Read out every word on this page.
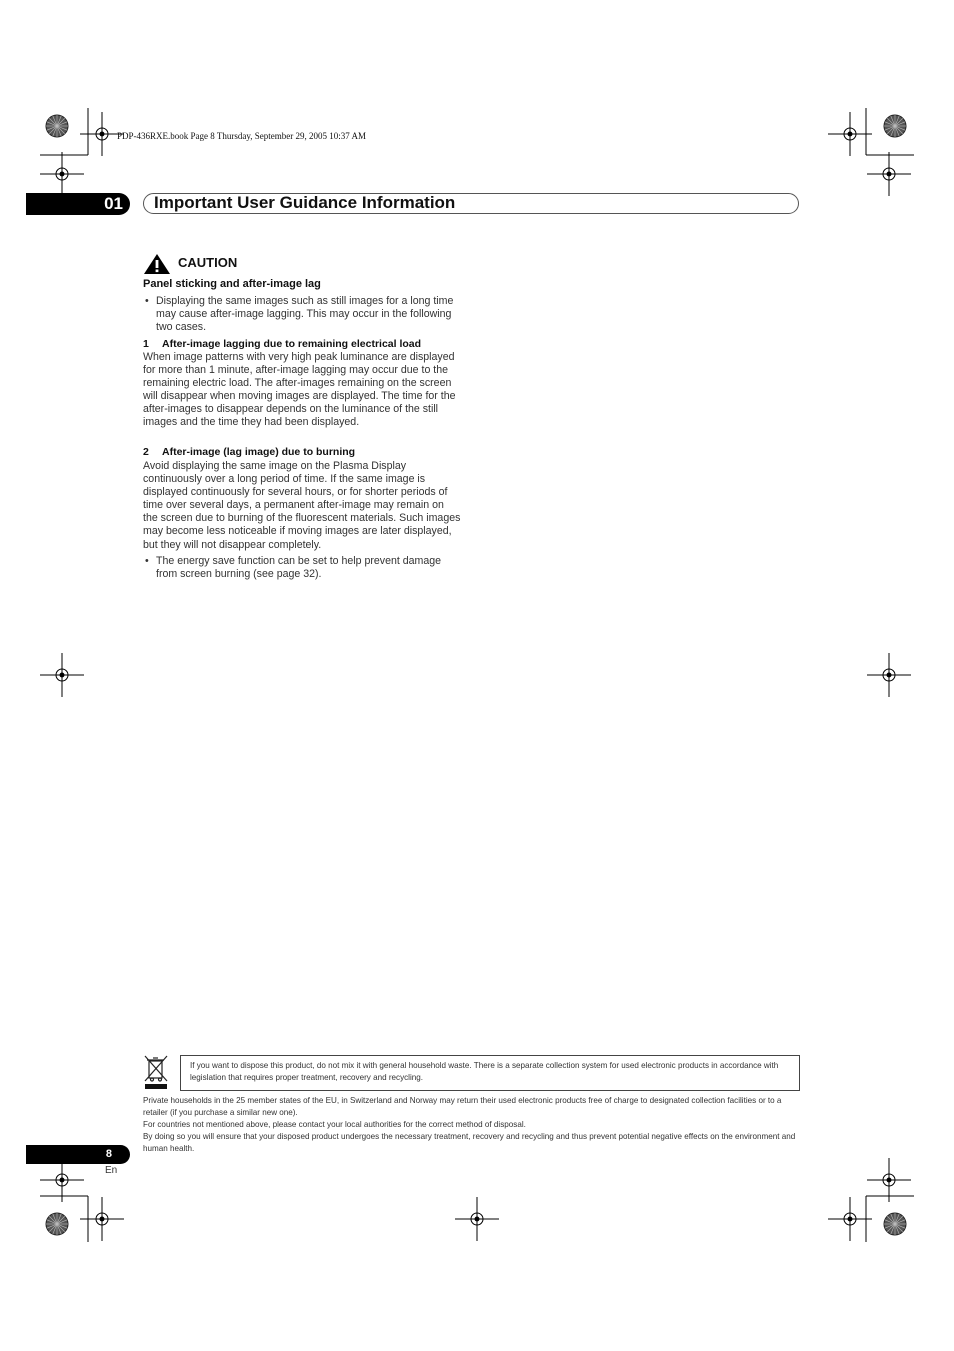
PDP-436RXE.book Page 8 Thursday, September 29, 2005 10:37 AM
01	Important User Guidance Information
CAUTION
Panel sticking and after-image lag
• Displaying the same images such as still images for a long time may cause after-image lagging. This may occur in the following two cases.
1 After-image lagging due to remaining electrical load
When image patterns with very high peak luminance are displayed for more than 1 minute, after-image lagging may occur due to the remaining electric load. The after-images remaining on the screen will disappear when moving images are displayed. The time for the after-images to disappear depends on the luminance of the still images and the time they had been displayed.
2 After-image (lag image) due to burning
Avoid displaying the same image on the Plasma Display continuously over a long period of time. If the same image is displayed continuously for several hours, or for shorter periods of time over several days, a permanent after-image may remain on the screen due to burning of the fluorescent materials. Such images may become less noticeable if moving images are later displayed, but they will not disappear completely.
• The energy save function can be set to help prevent damage from screen burning (see page 32).
If you want to dispose this product, do not mix it with general household waste. There is a separate collection system for used electronic products in accordance with legislation that requires proper treatment, recovery and recycling.
Private households in the 25 member states of the EU, in Switzerland and Norway may return their used electronic products free of charge to designated collection facilities or to a retailer (if you purchase a similar new one).
For countries not mentioned above, please contact your local authorities for the correct method of disposal.
By doing so you will ensure that your disposed product undergoes the necessary treatment, recovery and recycling and thus prevent potential negative effects on the environment and human health.
8
En
